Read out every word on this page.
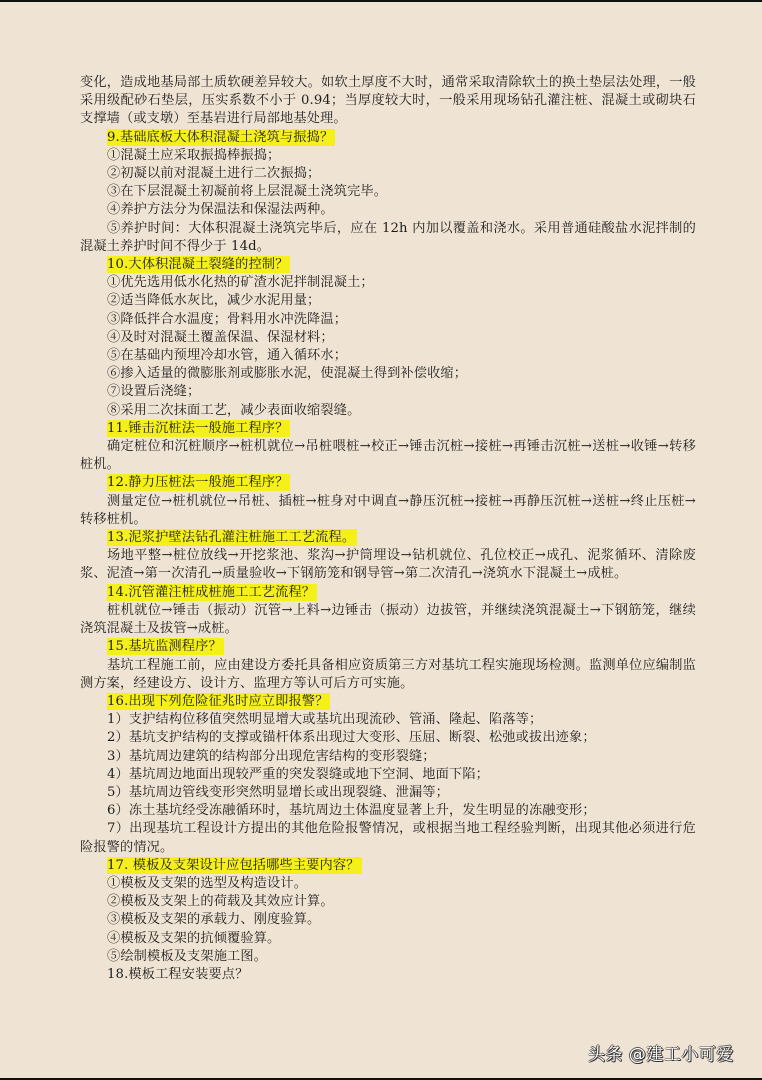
变化，造成地基局部土质软硬差异较大。如软土厚度不大时，通常采取清除软土的换土垫层法处理，一般采用级配砂石垫层，压实系数不小于 0.94；当厚度较大时，一般采用现场钻孔灌注桩、混凝土或砌块石支撑墙（或支墩）至基岩进行局部地基处理。

9.基础底板大体积混凝土浇筑与振捣？

①混凝土应采取振捣棒振捣；

②初凝以前对混凝土进行二次振捣；

③在下层混凝土初凝前将上层混凝土浇筑完毕。

④养护方法分为保温法和保湿法两种。

⑤养护时间：大体积混凝土浇筑完毕后，应在 12h 内加以覆盖和浇水。采用普通硅酸盐水泥拌制的混凝土养护时间不得少于 14d。

10.大体积混凝土裂缝的控制？

①优先选用低水化热的矿渣水泥拌制混凝土；

②适当降低水灰比，减少水泥用量；

③降低拌合水温度；骨料用水冲洗降温；

④及时对混凝土覆盖保温、保湿材料；

⑤在基础内预埋冷却水管，通入循环水；

⑥掺入适量的微膨胀剂或膨胀水泥，使混凝土得到补偿收缩；

⑦设置后浇缝；

⑧采用二次抹面工艺，减少表面收缩裂缝。

11.锤击沉桩法一般施工程序？

确定桩位和沉桩顺序→桩机就位→吊桩喂桩→校正→锤击沉桩→接桩→再锤击沉桩→送桩→收锤→转移桩机。

12.静力压桩法一般施工程序？

测量定位→桩机就位→吊桩、插桩→桩身对中调直→静压沉桩→接桩→再静压沉桩→送桩→终止压桩→转移桩机。

13.泥浆护壁法钻孔灌注桩施工工艺流程。

场地平整→桩位放线→开挖浆池、浆沟→护筒埋设→钻机就位、孔位校正→成孔、泥浆循环、清除废浆、泥渣→第一次清孔→质量验收→下钢筋笼和钢导管→第二次清孔→浇筑水下混凝土→成桩。

14.沉管灌注桩成桩施工工艺流程？

桩机就位→锤击（振动）沉管→上料→边锤击（振动）边拔管，并继续浇筑混凝土→下钢筋笼，继续浇筑混凝土及拔管→成桩。

15.基坑监测程序？

基坑工程施工前，应由建设方委托具备相应资质第三方对基坑工程实施现场检测。监测单位应编制监测方案，经建设方、设计方、监理方等认可后方可实施。

16.出现下列危险征兆时应立即报警？

1）支护结构位移值突然明显增大或基坑出现流砂、管涌、隆起、陷落等；

2）基坑支护结构的支撑或锚杆体系出现过大变形、压屈、断裂、松弛或拔出迹象；

3）基坑周边建筑的结构部分出现危害结构的变形裂缝；

4）基坑周边地面出现较严重的突发裂缝或地下空洞、地面下陷；

5）基坑周边管线变形突然明显增长或出现裂缝、泄漏等；

6）冻土基坑经受冻融循环时，基坑周边土体温度显著上升，发生明显的冻融变形；

7）出现基坑工程设计方提出的其他危险报警情况，或根据当地工程经验判断，出现其他必须进行危险报警的情况。

17. 模板及支架设计应包括哪些主要内容？

①模板及支架的选型及构造设计。

②模板及支架上的荷载及其效应计算。

③模板及支架的承载力、刚度验算。

④模板及支架的抗倾覆验算。

⑤绘制模板及支架施工图。

18.模板工程安装要点？

头条 @建工小可爱
